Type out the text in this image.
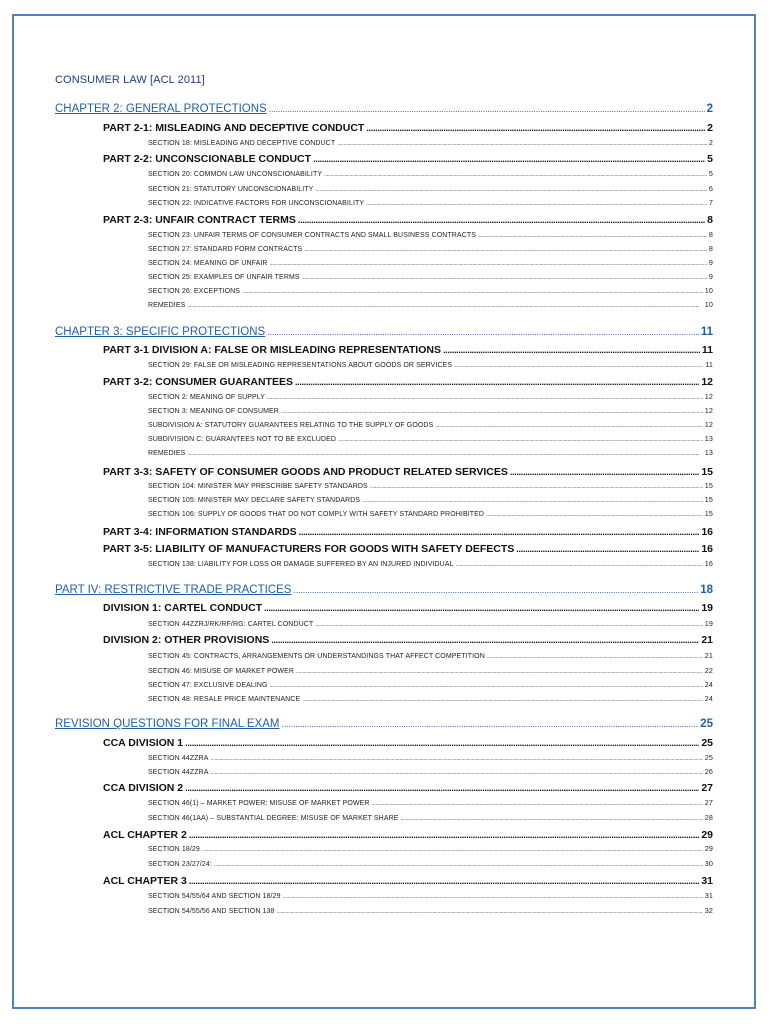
CONSUMER LAW [ACL 2011]
CHAPTER 2: GENERAL PROTECTIONS .....	2
PART 2-1: MISLEADING AND DECEPTIVE CONDUCT .....	2
SECTION 18: MISLEADING AND DECEPTIVE CONDUCT .....	2
PART 2-2: UNCONSCIONABLE CONDUCT .....	5
SECTION 20: COMMON LAW UNCONSCIONABILITY .....	5
SECTION 21: STATUTORY UNCONSCIONABILITY .....	6
SECTION 22: INDICATIVE FACTORS FOR UNCONSCIONABILITY .....	7
PART 2-3: UNFAIR CONTRACT TERMS .....	8
SECTION 23: UNFAIR TERMS OF CONSUMER CONTRACTS AND SMALL BUSINESS CONTRACTS .....	8
SECTION 27: STANDARD FORM CONTRACTS .....	8
SECTION 24: MEANING OF UNFAIR .....	9
SECTION 25: EXAMPLES OF UNFAIR TERMS .....	9
SECTION 26: EXCEPTIONS .....	10
REMEDIES .....	10
CHAPTER 3: SPECIFIC PROTECTIONS .....	11
PART 3-1 DIVISION A: FALSE OR MISLEADING REPRESENTATIONS .....	11
SECTION 29: FALSE OR MISLEADING REPRESENTATIONS ABOUT GOODS OR SERVICES .....	11
PART 3-2: CONSUMER GUARANTEES .....	12
SECTION 2: MEANING OF SUPPLY .....	12
SECTION 3: MEANING OF CONSUMER .....	12
SUBDIVISION A: STATUTORY GUARANTEES RELATING TO THE SUPPLY OF GOODS .....	12
SUBDIVISION C: GUARANTEES NOT TO BE EXCLUDED .....	13
REMEDIES .....	13
PART 3-3: SAFETY OF CONSUMER GOODS AND PRODUCT RELATED SERVICES .....	15
SECTION 104: MINISTER MAY PRESCRIBE SAFETY STANDARDS .....	15
SECTION 105: MINISTER MAY DECLARE SAFETY STANDARDS .....	15
SECTION 106: SUPPLY OF GOODS THAT DO NOT COMPLY WITH SAFETY STANDARD PROHIBITED .....	15
PART 3-4: INFORMATION STANDARDS .....	16
PART 3-5: LIABILITY OF MANUFACTURERS FOR GOODS WITH SAFETY DEFECTS .....	16
SECTION 138: LIABILITY FOR LOSS OR DAMAGE SUFFERED BY AN INJURED INDIVIDUAL .....	16
PART IV: RESTRICTIVE TRADE PRACTICES .....	18
DIVISION 1: CARTEL CONDUCT .....	19
SECTION 44ZZRJ/RK/RF/RG: CARTEL CONDUCT .....	19
DIVISION 2: OTHER PROVISIONS .....	21
SECTION 45: CONTRACTS, ARRANGEMENTS OR UNDERSTANDINGS THAT AFFECT COMPETITION .....	21
SECTION 46: MISUSE OF MARKET POWER .....	22
SECTION 47: EXCLUSIVE DEALING .....	24
SECTION 48: RESALE PRICE MAINTENANCE .....	24
REVISION QUESTIONS FOR FINAL EXAM .....	25
CCA DIVISION 1 .....	25
SECTION 44ZZRA .....	25
SECTION 44ZZRA .....	26
CCA DIVISION 2 .....	27
SECTION 46(1) – MARKET POWER: MISUSE OF MARKET POWER .....	27
SECTION 46(1AA) – SUBSTANTIAL DEGREE: MISUSE OF MARKET SHARE .....	28
ACL CHAPTER 2 .....	29
SECTION 18/29 .....	29
SECTION 23/27/24: .....	30
ACL CHAPTER 3 .....	31
SECTION 54/55/64 AND SECTION 18/29 .....	31
SECTION 54/55/56 AND SECTION 138 .....	32
